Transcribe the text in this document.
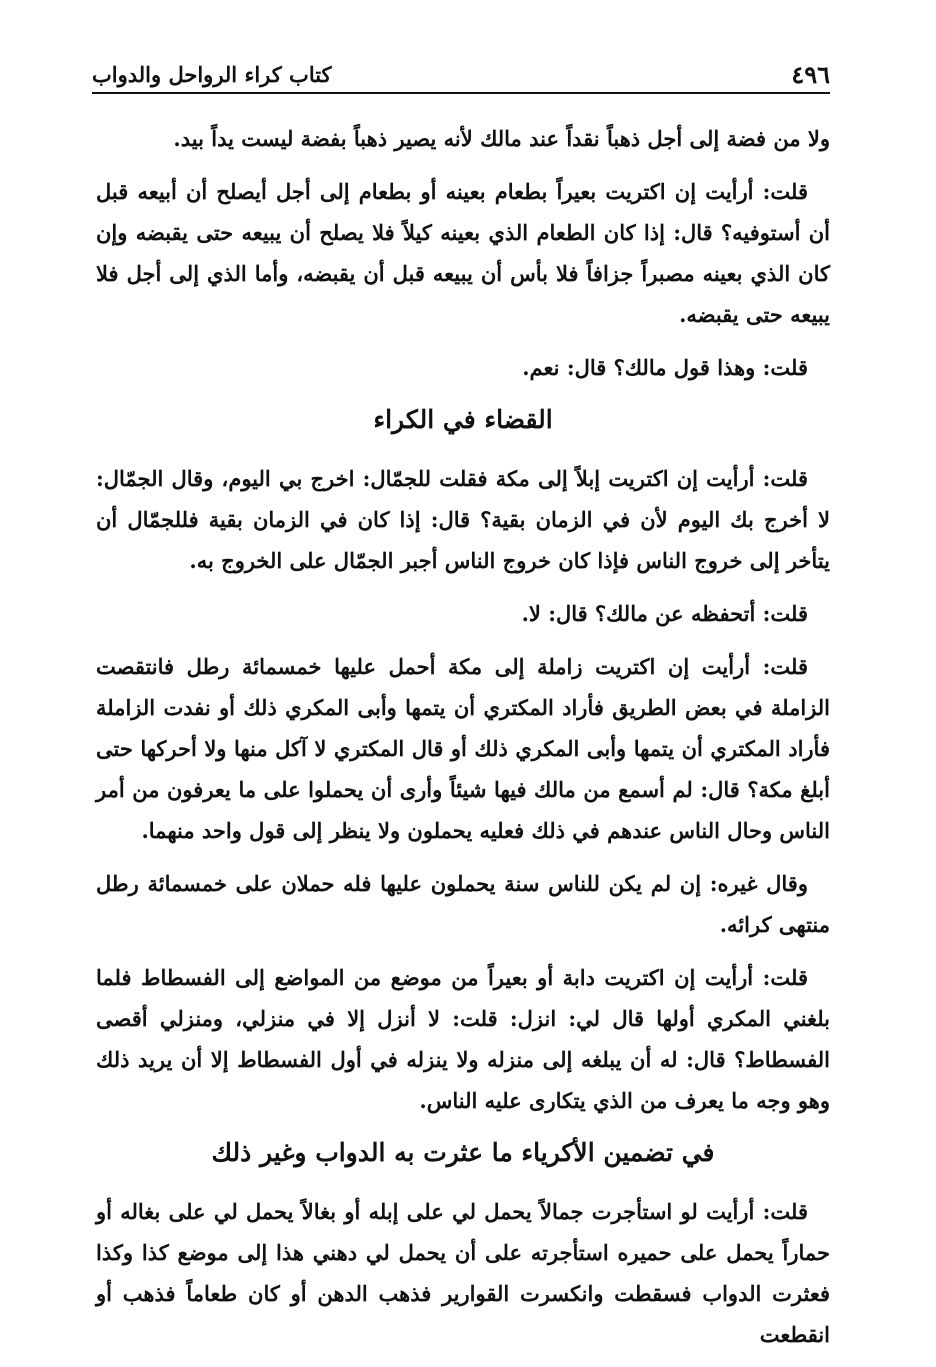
٤٩٦
كتاب كراء الرواحل والدواب

ولا من فضة إلى أجل ذهباً نقداً عند مالك لأنه يصير ذهباً بفضة ليست يداً بيد.

قلت: أرأيت إن اكتريت بعيراً بطعام بعينه أو بطعام إلى أجل أيصلح أن أبيعه قبل أن أستوفيه؟ قال: إذا كان الطعام الذي بعينه كيلاً فلا يصلح أن يبيعه حتى يقبضه وإن كان الذي بعينه مصبراً جزافاً فلا بأس أن يبيعه قبل أن يقبضه، وأما الذي إلى أجل فلا يبيعه حتى يقبضه.

قلت: وهذا قول مالك؟ قال: نعم.

القضاء في الكراء

قلت: أرأيت إن اكتريت إبلاً إلى مكة فقلت للجمّال: اخرج بي اليوم، وقال الجمّال: لا أخرج بك اليوم لأن في الزمان بقية؟ قال: إذا كان في الزمان بقية فللجمّال أن يتأخر إلى خروج الناس فإذا كان خروج الناس أجبر الجمّال على الخروج به.

قلت: أتحفظه عن مالك؟ قال: لا.

قلت: أرأيت إن اكتريت زاملة إلى مكة أحمل عليها خمسمائة رطل فانتقصت الزاملة في بعض الطريق فأراد المكتري أن يتمها وأبى المكري ذلك أو نفدت الزاملة فأراد المكتري أن يتمها وأبى المكري ذلك أو قال المكتري لا آكل منها ولا أحركها حتى أبلغ مكة؟ قال: لم أسمع من مالك فيها شيئاً وأرى أن يحملوا على ما يعرفون من أمر الناس وحال الناس عندهم في ذلك فعليه يحملون ولا ينظر إلى قول واحد منهما.

وقال غيره: إن لم يكن للناس سنة يحملون عليها فله حملان على خمسمائة رطل منتهى كرائه.

قلت: أرأيت إن اكتريت دابة أو بعيراً من موضع من المواضع إلى الفسطاط فلما بلغني المكري أولها قال لي: انزل: قلت: لا أنزل إلا في منزلي، ومنزلي أقصى الفسطاط؟ قال: له أن يبلغه إلى منزله ولا ينزله في أول الفسطاط إلا أن يريد ذلك وهو وجه ما يعرف من الذي يتكارى عليه الناس.

في تضمين الأكرياء ما عثرت به الدواب وغير ذلك

قلت: أرأيت لو استأجرت جمالاً يحمل لي على إبله أو بغالاً يحمل لي على بغاله أو حماراً يحمل على حميره استأجرته على أن يحمل لي دهني هذا إلى موضع كذا وكذا فعثرت الدواب فسقطت وانكسرت القوارير فذهب الدهن أو كان طعاماً فذهب أو انقطعت
